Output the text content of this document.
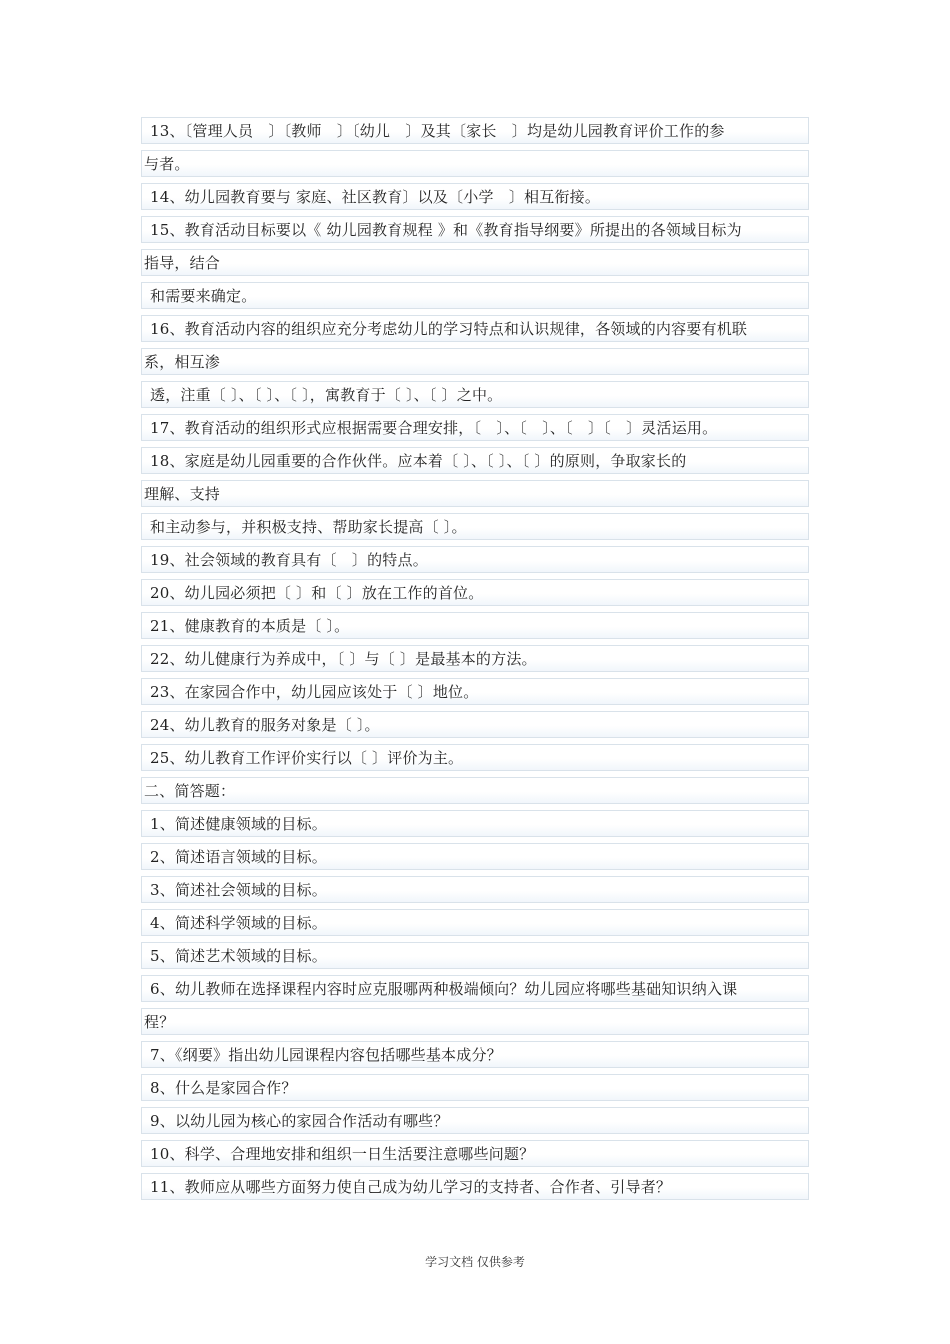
13、〔管理人员　〕〔教师　〕〔幼儿　〕及其〔家长　〕均是幼儿园教育评价工作的参
与者。
14、幼儿园教育要与 家庭、社区教育〕以及〔小学　〕相互衔接。
15、教育活动目标要以《 幼儿园教育规程 》和《教育指导纲要》所提出的各领域目标为
指导，结合
和需要来确定。
16、教育活动内容的组织应充分考虑幼儿的学习特点和认识规律，各领域的内容要有机联
系，相互渗
透，注重〔 〕、〔 〕、〔 〕，寓教育于〔 〕、〔 〕之中。
17、教育活动的组织形式应根据需要合理安排，〔　〕、〔　〕、〔　〕〔　〕灵活运用。
18、家庭是幼儿园重要的合作伙伴。应本着〔 〕、〔 〕、〔 〕的原则，争取家长的
理解、支持
和主动参与，并积极支持、帮助家长提高〔 〕。
19、社会领域的教育具有〔　〕的特点。
20、幼儿园必须把〔 〕和〔 〕放在工作的首位。
21、健康教育的本质是〔 〕。
22、幼儿健康行为养成中，〔 〕与〔 〕是最基本的方法。
23、在家园合作中，幼儿园应该处于〔 〕地位。
24、幼儿教育的服务对象是〔 〕。
25、幼儿教育工作评价实行以〔 〕评价为主。
二、简答题：
1、简述健康领域的目标。
2、简述语言领域的目标。
3、简述社会领域的目标。
4、简述科学领域的目标。
5、简述艺术领域的目标。
6、幼儿教师在选择课程内容时应克服哪两种极端倾向？幼儿园应将哪些基础知识纳入课
程？
7、《纲要》指出幼儿园课程内容包括哪些基本成分？
8、什么是家园合作？
9、以幼儿园为核心的家园合作活动有哪些？
10、科学、合理地安排和组织一日生活要注意哪些问题？
11、教师应从哪些方面努力使自己成为幼儿学习的支持者、合作者、引导者？
学习文档 仅供参考
